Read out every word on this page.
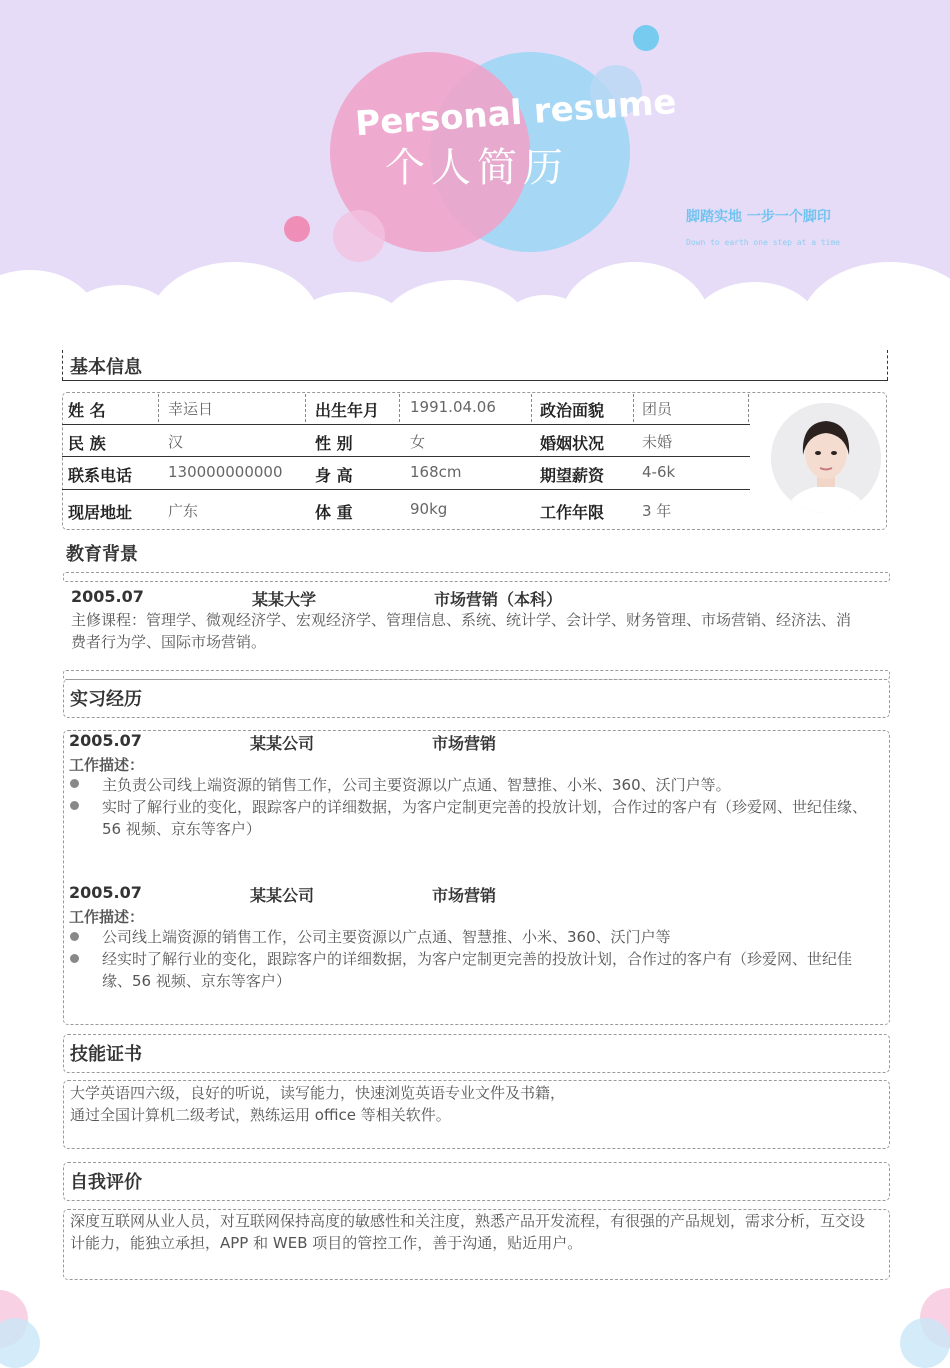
Personal resume
个人简历
脚踏实地 一步一个脚印
Down to earth one step at a time
基本信息
姓 名	幸运日	出生年月 1991.04.06	政治面貌	团员
民 族	汉	性 别	女	婚姻状况	未婚
联系电话 130000000000 身 高	168cm	期望薪资	4-6k
现居地址 广东	体 重	90kg	工作年限	3 年
教育背景
2005.07	某某大学	市场营销（本科）
主修课程：管理学、微观经济学、宏观经济学、管理信息、系统、统计学、会计学、财务管理、市场营销、经济法、消费者行为学、国际市场营销。
实习经历
2005.07	某某公司	市场营销
工作描述：
主负责公司线上端资源的销售工作，公司主要资源以广点通、智慧推、小米、360、沃门户等。
实时了解行业的变化，跟踪客户的详细数据，为客户定制更完善的投放计划，合作过的客户有（珍爱网、世纪佳缘、56 视频、京东等客户）
2005.07	某某公司	市场营销
工作描述：
公司线上端资源的销售工作，公司主要资源以广点通、智慧推、小米、360、沃门户等
经实时了解行业的变化，跟踪客户的详细数据，为客户定制更完善的投放计划，合作过的客户有（珍爱网、世纪佳缘、56 视频、京东等客户）
技能证书
大学英语四六级，良好的听说，读写能力，快速浏览英语专业文件及书籍，
通过全国计算机二级考试，熟练运用 office 等相关软件。
自我评价
深度互联网从业人员，对互联网保持高度的敏感性和关注度，熟悉产品开发流程，有很强的产品规划，需求分析，互交设计能力，能独立承担，APP 和 WEB 项目的管控工作，善于沟通，贴近用户。
